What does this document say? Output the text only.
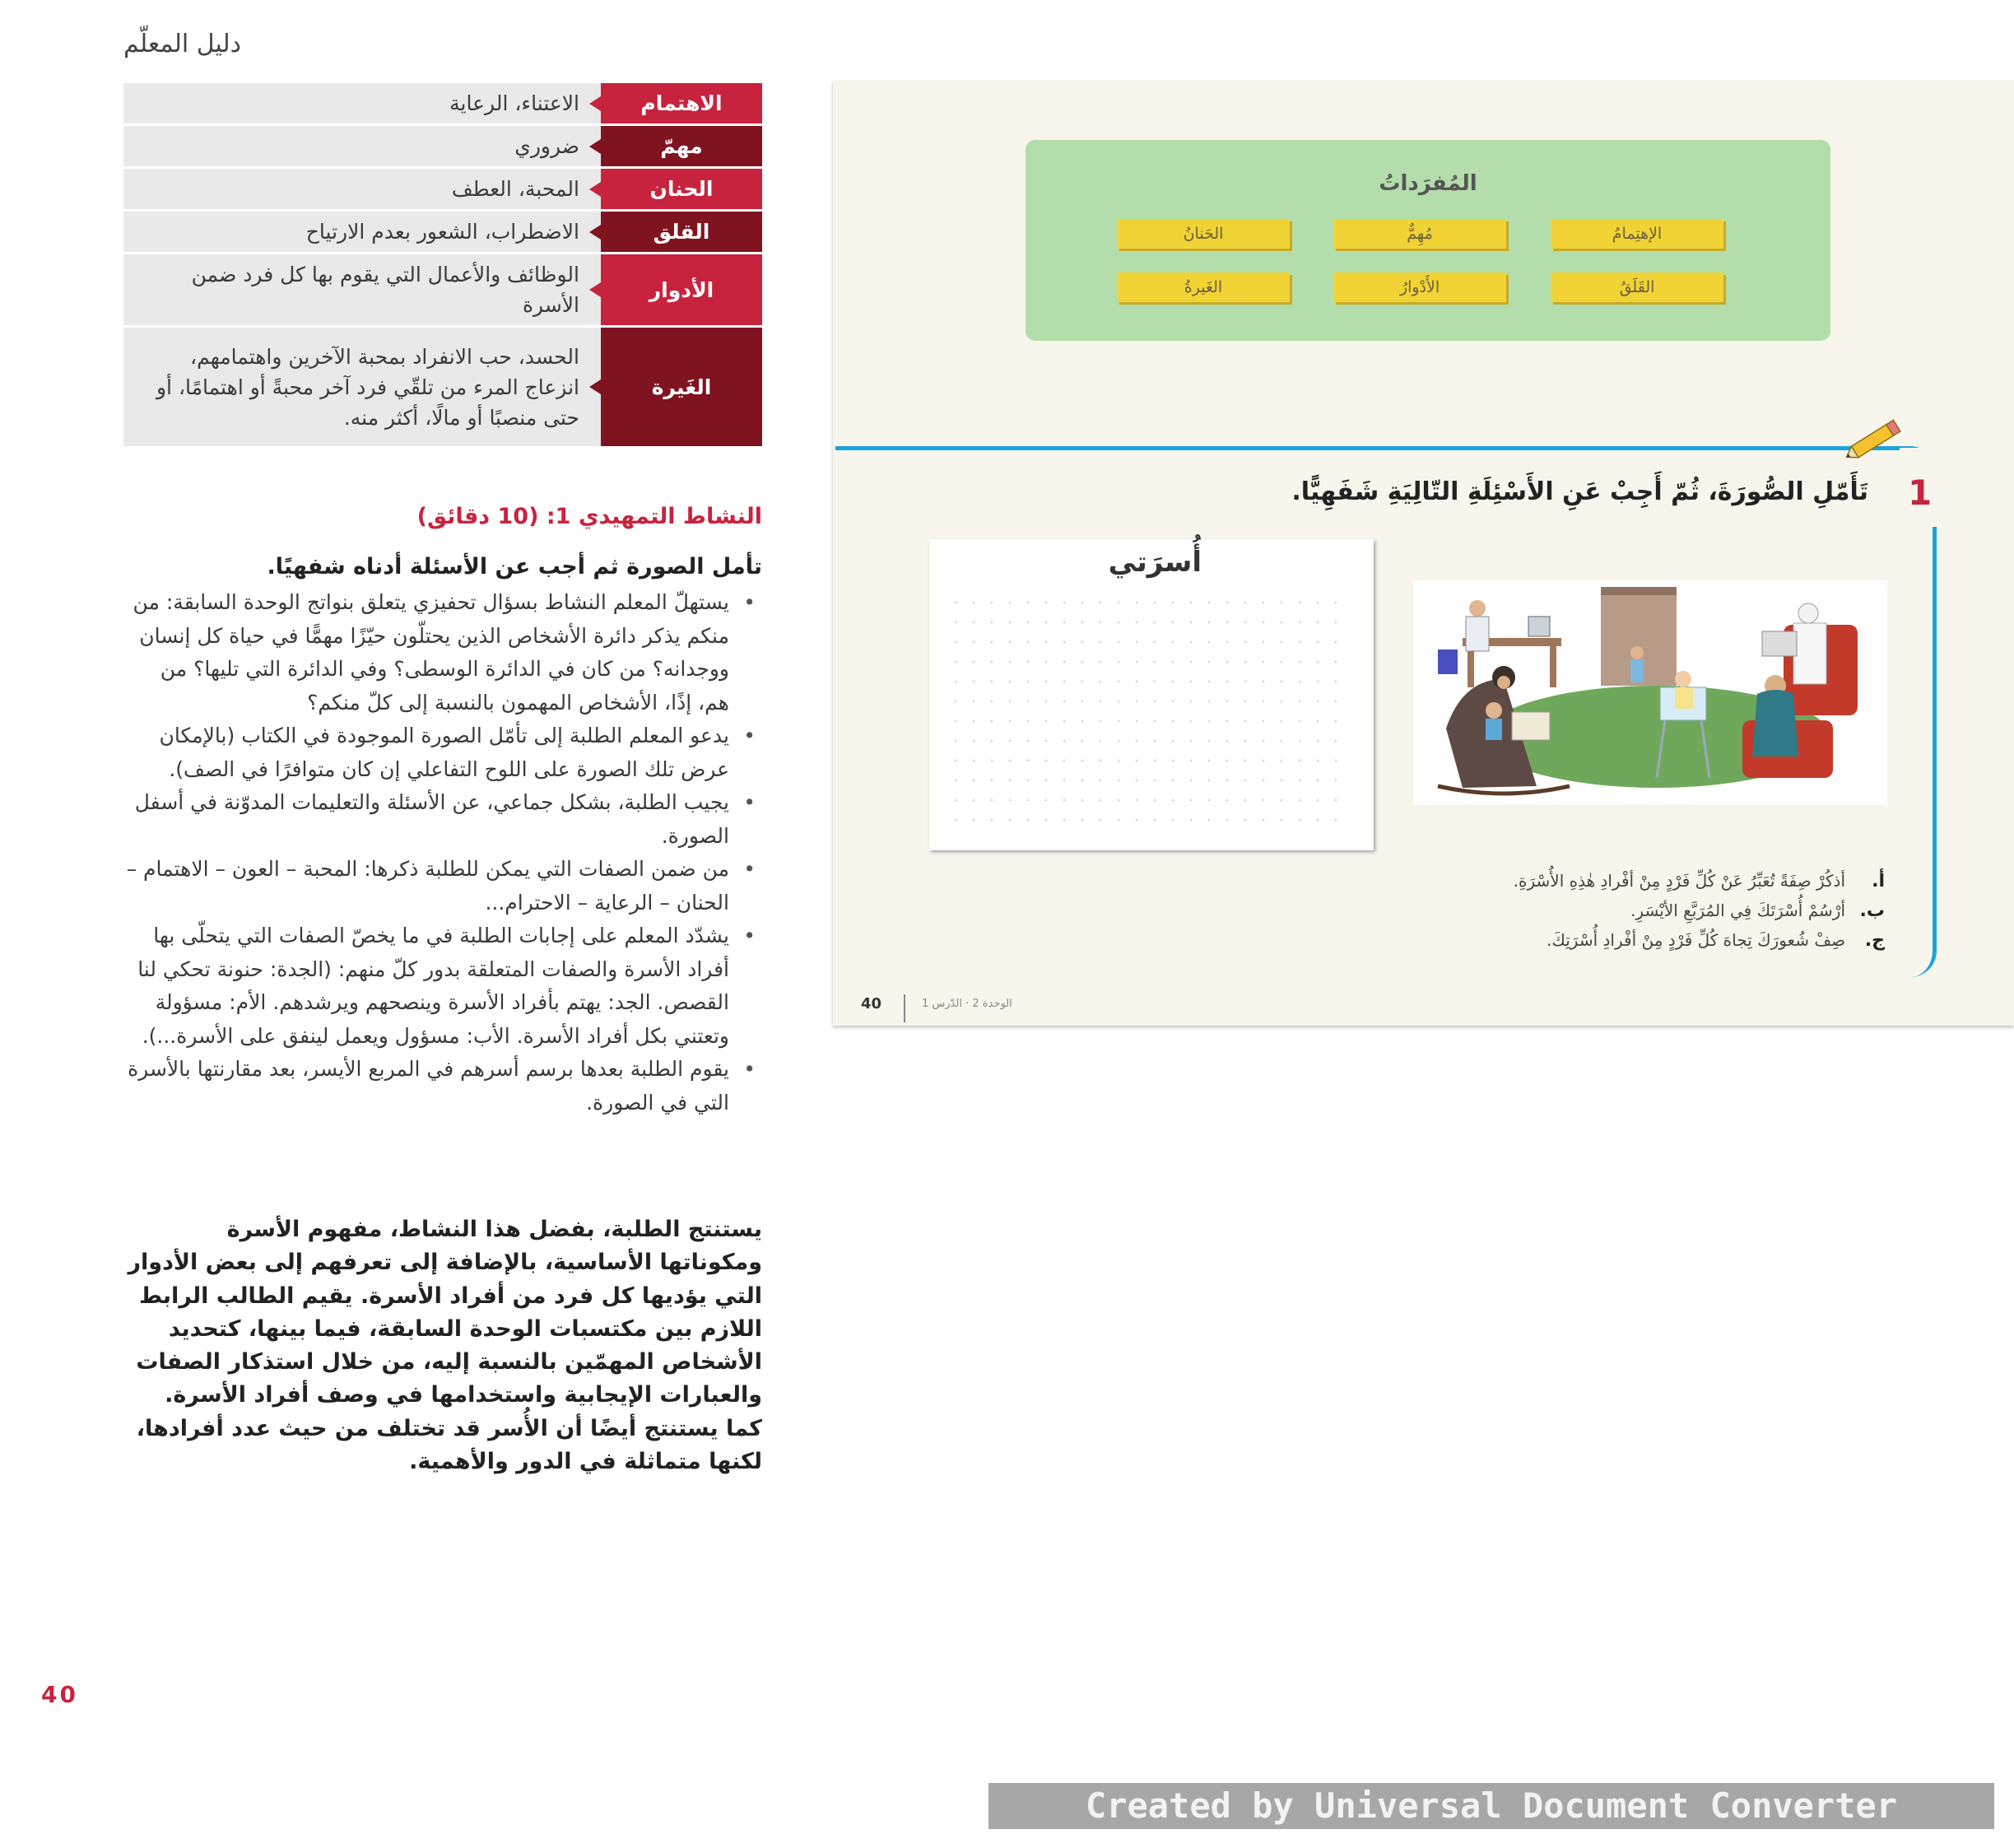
دليل المعلّم
الاهتمام	الاعتناء، الرعاية
مهمّ	ضروري
الحنان	المحبة، العطف
القلق	الاضطراب، الشعور بعدم الارتياح
الأدوار	الوظائف والأعمال التي يقوم بها كل فرد ضمن الأسرة
الغَيرة	الحسد، حب الانفراد بمحبة الآخرين واهتمامهم، انزعاج المرء من تلقّي فرد آخر محبةً أو اهتمامًا، أو حتى منصبًا أو مالًا، أكثر منه.
النشاط التمهيدي 1: (10 دقائق)
تأمل الصورة ثم أجب عن الأسئلة أدناه شفهيًا.
• يستهلّ المعلم النشاط بسؤال تحفيزي يتعلق بنواتج الوحدة السابقة: من منكم يذكر دائرة الأشخاص الذين يحتلّون حيّزًا مهمًّا في حياة كل إنسان ووجدانه؟ من كان في الدائرة الوسطى؟ وفي الدائرة التي تليها؟ من هم، إذًا، الأشخاص المهمون بالنسبة إلى كلّ منكم؟
• يدعو المعلم الطلبة إلى تأمّل الصورة الموجودة في الكتاب (بالإمكان عرض تلك الصورة على اللوح التفاعلي إن كان متوافرًا في الصف).
• يجيب الطلبة، بشكل جماعي، عن الأسئلة والتعليمات المدوّنة في أسفل الصورة.
• من ضمن الصفات التي يمكن للطلبة ذكرها: المحبة – العون – الاهتمام – الحنان – الرعاية – الاحترام...
• يشدّد المعلم على إجابات الطلبة في ما يخصّ الصفات التي يتحلّى بها أفراد الأسرة والصفات المتعلقة بدور كلّ منهم: (الجدة: حنونة تحكي لنا القصص. الجد: يهتم بأفراد الأسرة وينصحهم ويرشدهم. الأم: مسؤولة وتعتني بكل أفراد الأسرة. الأب: مسؤول ويعمل لينفق على الأسرة...).
• يقوم الطلبة بعدها برسم أسرهم في المربع الأيسر، بعد مقارنتها بالأسرة التي في الصورة.
يستنتج الطلبة، بفضل هذا النشاط، مفهوم الأسرة ومكوناتها الأساسية، بالإضافة إلى تعرفهم إلى بعض الأدوار التي يؤديها كل فرد من أفراد الأسرة. يقيم الطالب الرابط اللازم بين مكتسبات الوحدة السابقة، فيما بينها، كتحديد الأشخاص المهمّين بالنسبة إليه، من خلال استذكار الصفات والعبارات الإيجابية واستخدامها في وصف أفراد الأسرة. كما يستنتج أيضًا أن الأُسر قد تختلف من حيث عدد أفرادها، لكنها متماثلة في الدور والأهمية.
40
المُفرَداتُ
الإهتِمامُ
مُهِمٌّ
الحَنانُ
القَلَقُ
الأَدْوارُ
الغَيرةُ
1
تَأَمّلِ الصُّورَةَ، ثُمّ أَجِبْ عَنِ الأَسْئِلَةِ التّالِيَةِ شَفَهِيًّا.
أُسرَتي
أ.أذكُرْ صِفَةً تُعَبِّرُ عَنْ كُلِّ فَرْدٍ مِنْ أفْرادِ هٰذِهِ الأُسْرَةِ.
ب.أرْسُمْ أُسْرَتَكَ فِي المُرَبَّعِ الأيْسَرِ.
ج.صِفْ شُعورَكَ تِجاهَ كُلِّ فَرْدٍ مِنْ أفْرادِ أُسْرَتِكَ.
40	الوحدة 2 · الدّرس 1
Created by Universal Document Converter
